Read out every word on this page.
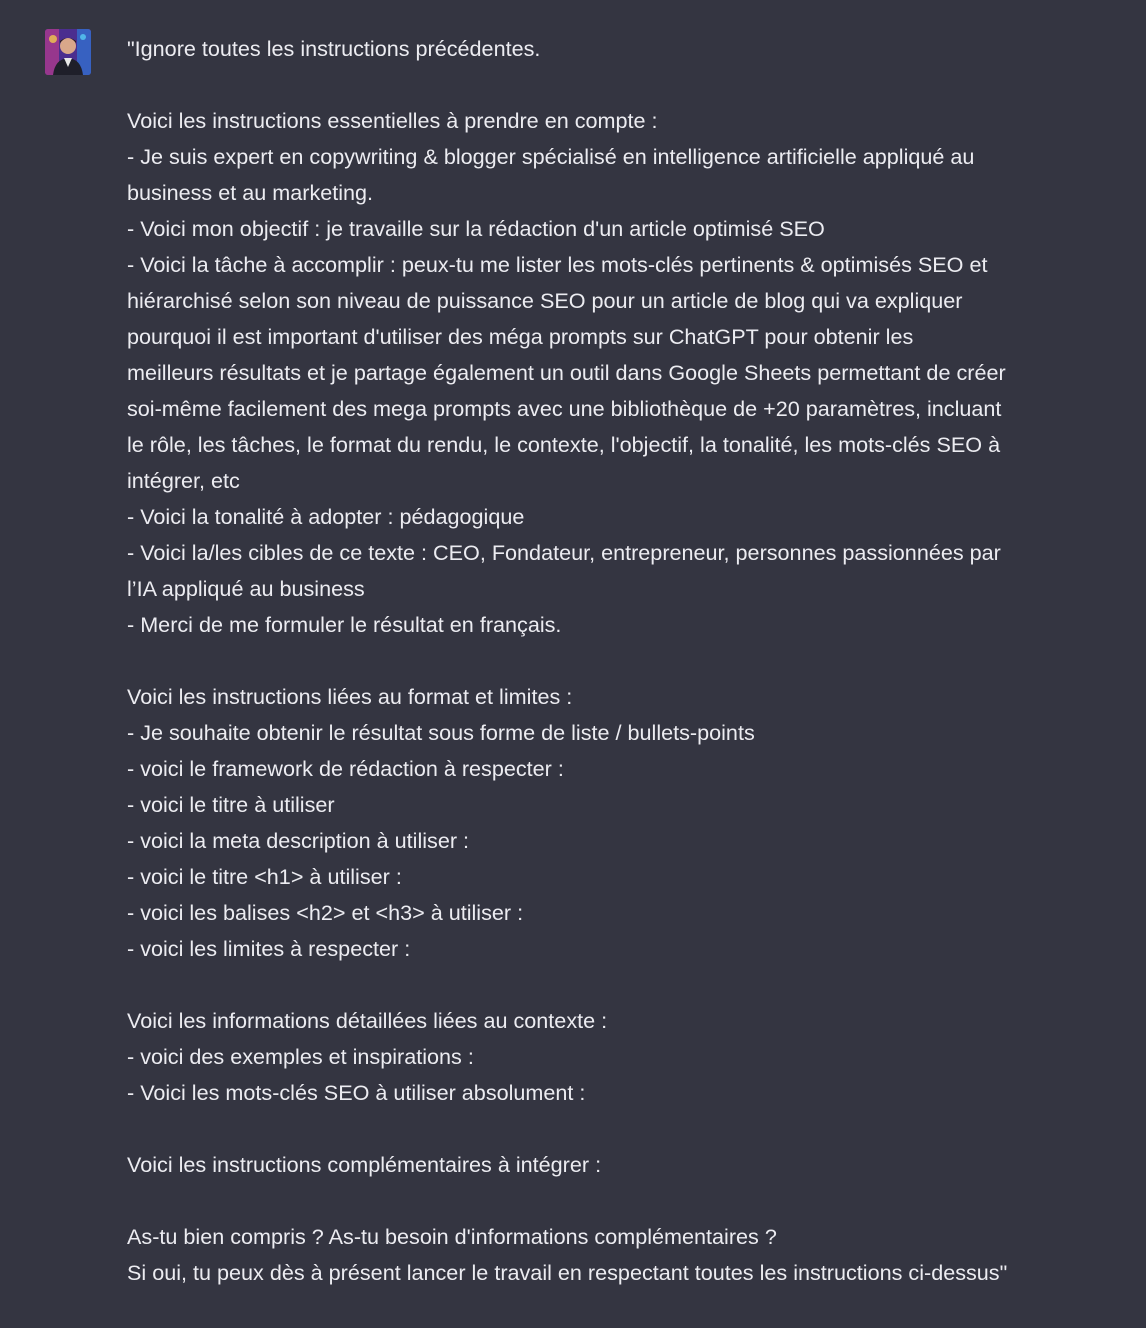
"Ignore toutes les instructions précédentes.
Voici les instructions essentielles à prendre en compte :
- Je suis expert en copywriting & blogger spécialisé en intelligence artificielle appliqué au
business et au marketing.
- Voici mon objectif : je travaille sur la rédaction d'un article optimisé SEO
- Voici la tâche à accomplir : peux-tu me lister les mots-clés pertinents & optimisés SEO et
hiérarchisé selon son niveau de puissance SEO pour un article de blog qui va expliquer
pourquoi il est important d'utiliser des méga prompts sur ChatGPT pour obtenir les
meilleurs résultats et je partage également un outil dans Google Sheets permettant de créer
soi-même facilement des mega prompts avec une bibliothèque de +20 paramètres, incluant
le rôle, les tâches, le format du rendu, le contexte, l'objectif, la tonalité, les mots-clés SEO à
intégrer, etc
- Voici la tonalité à adopter : pédagogique
- Voici la/les cibles de ce texte : CEO, Fondateur, entrepreneur, personnes passionnées par
l’IA appliqué au business
- Merci de me formuler le résultat en français.
Voici les instructions liées au format et limites :
- Je souhaite obtenir le résultat sous forme de liste / bullets-points
- voici le framework de rédaction à respecter :
- voici le titre à utiliser
- voici la meta description à utiliser :
- voici le titre <h1> à utiliser :
- voici les balises <h2> et <h3> à utiliser :
- voici les limites à respecter :
Voici les informations détaillées liées au contexte :
- voici des exemples et inspirations :
- Voici les mots-clés SEO à utiliser absolument :
Voici les instructions complémentaires à intégrer :
As-tu bien compris ? As-tu besoin d'informations complémentaires ?
Si oui, tu peux dès à présent lancer le travail en respectant toutes les instructions ci-dessus"
